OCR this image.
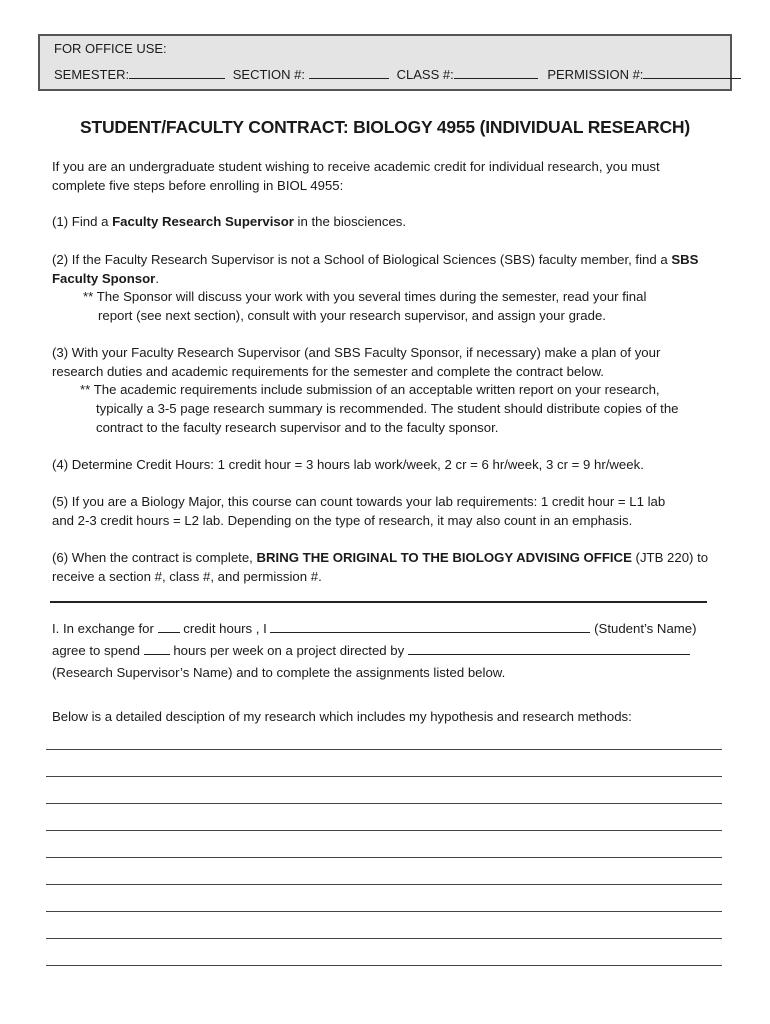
FOR OFFICE USE:
SEMESTER:	SECTION #:	CLASS #:	PERMISSION #:
STUDENT/FACULTY CONTRACT: BIOLOGY 4955 (INDIVIDUAL RESEARCH)
If you are an undergraduate student wishing to receive academic credit for individual research, you must
complete five steps before enrolling in BIOL 4955:
(1) Find a Faculty Research Supervisor in the biosciences.
(2) If the Faculty Research Supervisor is not a School of Biological Sciences (SBS) faculty member, find a SBS
Faculty Sponsor.
** The Sponsor will discuss your work with you several times during the semester, read your final
report (see next section), consult with your research supervisor, and assign your grade.
(3) With your Faculty Research Supervisor (and SBS Faculty Sponsor, if necessary) make a plan of your
research duties and academic requirements for the semester and complete the contract below.
** The academic requirements include submission of an acceptable written report on your research,
typically a 3-5 page research summary is recommended. The student should distribute copies of the
contract to the faculty research supervisor and to the faculty sponsor.
(4) Determine Credit Hours: 1 credit hour = 3 hours lab work/week, 2 cr = 6 hr/week, 3 cr = 9 hr/week.
(5) If you are a Biology Major, this course can count towards your lab requirements: 1 credit hour = L1 lab
and 2-3 credit hours = L2 lab. Depending on the type of research, it may also count in an emphasis.
(6) When the contract is complete, BRING THE ORIGINAL TO THE BIOLOGY ADVISING OFFICE (JTB 220) to
receive a section #, class #, and permission #.
I. In exchange for  credit hours , I	(Student’s Name)
agree to spend  hours per week on a project directed by
(Research Supervisor’s Name) and to complete the assignments listed below.
Below is a detailed desciption of my research which includes my hypothesis and research methods:
